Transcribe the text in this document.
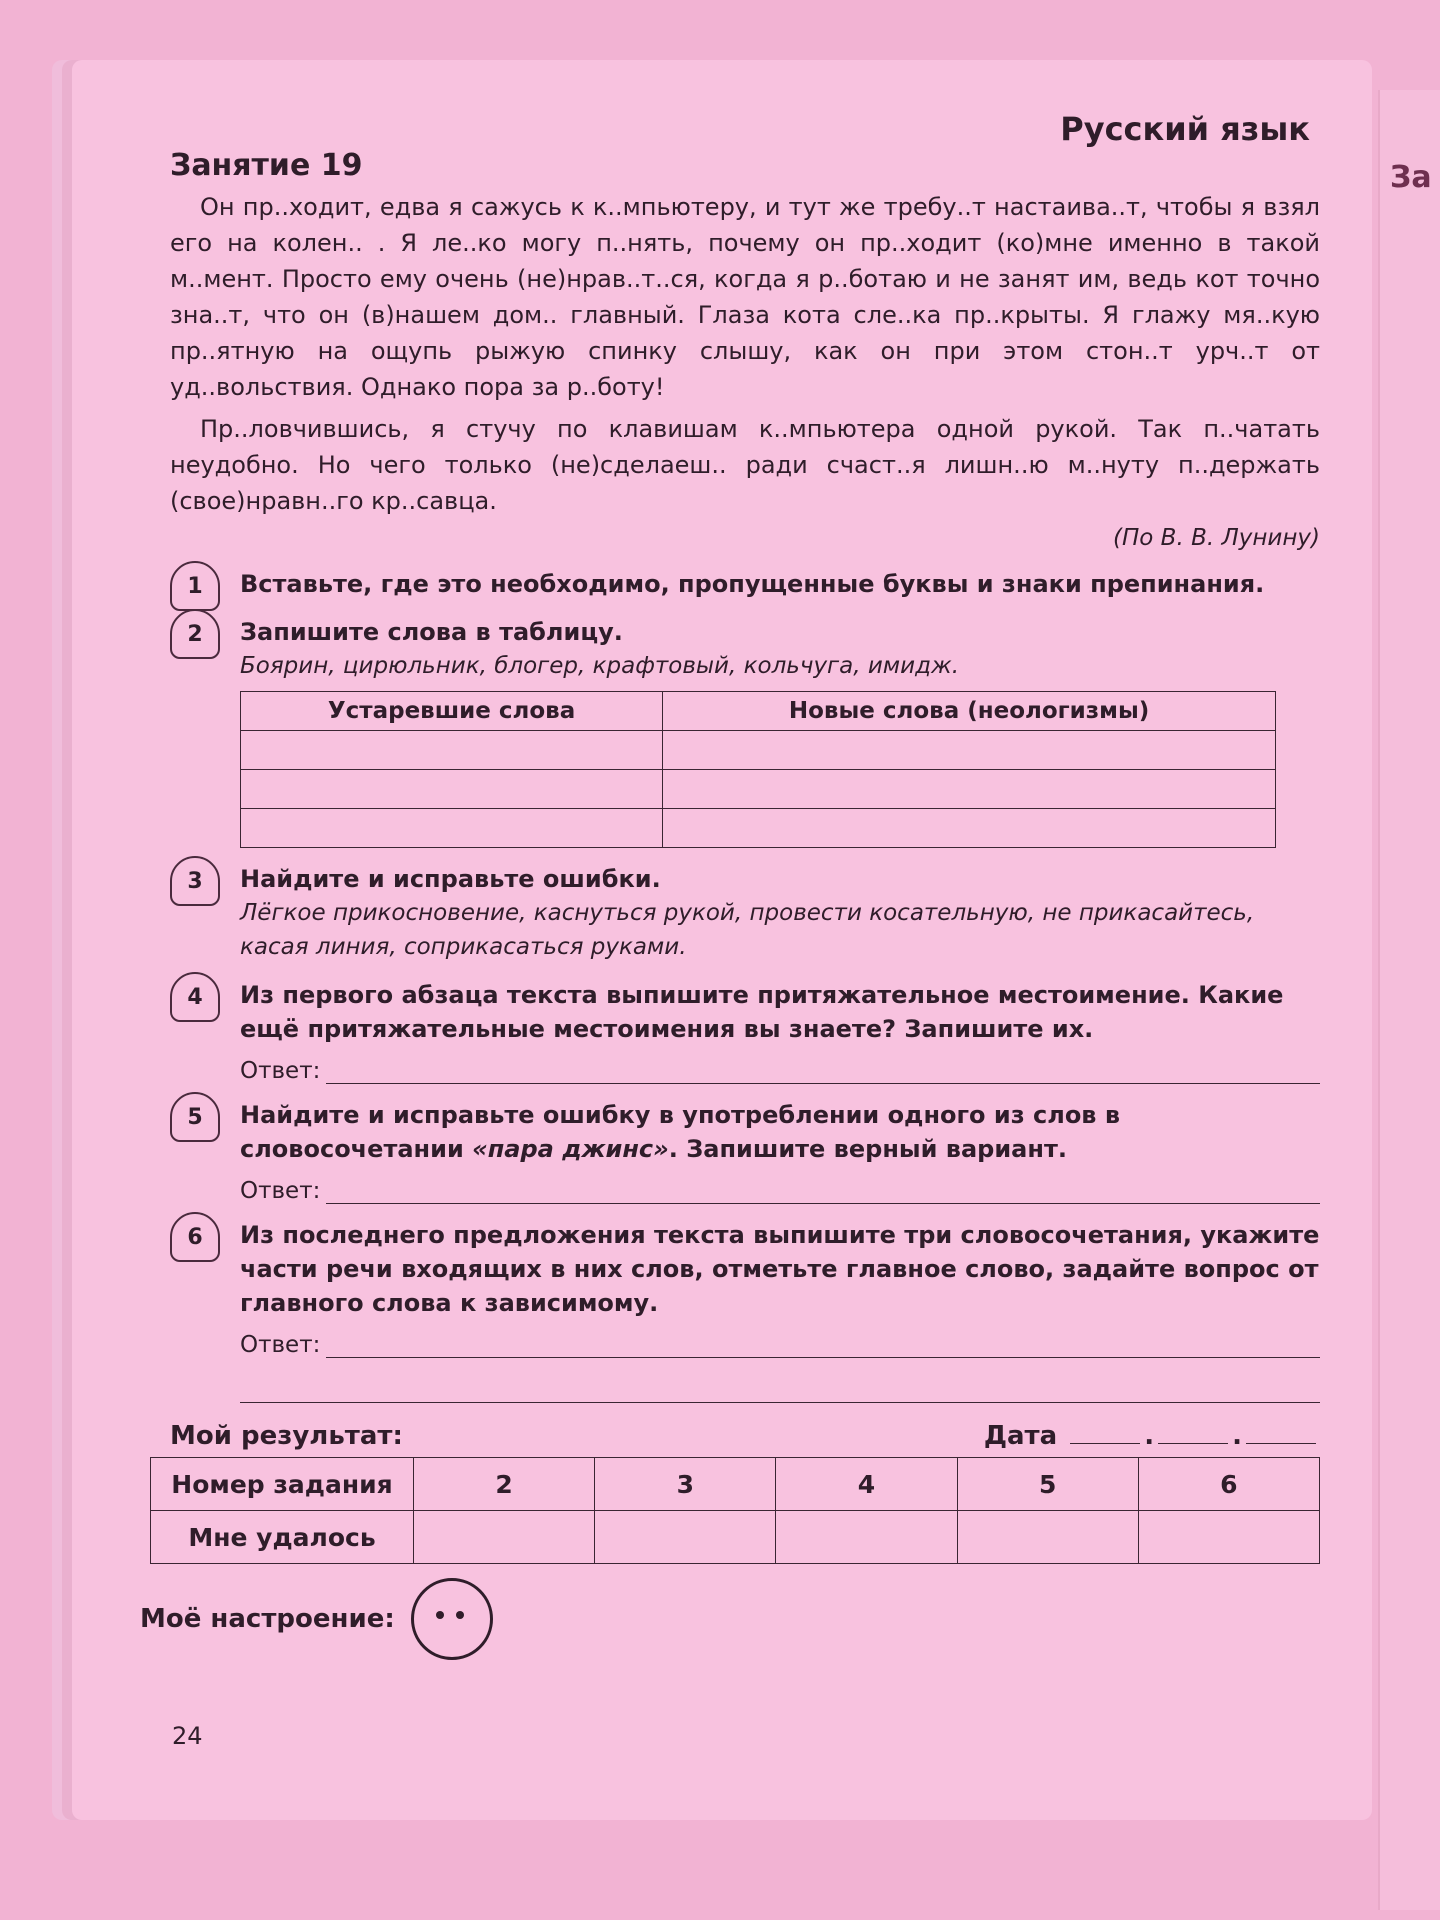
За
Русский язык
Занятие 19

Он пр..ходит, едва я сажусь к к..мпьютеру, и тут же требу..т настаива..т, чтобы я взял его на колен.. . Я ле..ко могу п..нять, почему он пр..ходит (ко)мне именно в такой м..мент. Просто ему очень (не)нрав..т..ся, когда я р..ботаю и не занят им, ведь кот точно зна..т, что он (в)нашем дом.. главный. Глаза кота сле..ка пр..крыты. Я глажу мя..кую пр..ятную на ощупь рыжую спинку слышу, как он при этом стон..т урч..т от уд..вольствия. Однако пора за р..боту!

Пр..ловчившись, я стучу по клавишам к..мпьютера одной рукой. Так п..чатать неудобно. Но чего только (не)сделаеш.. ради счаст..я лишн..ю м..нуту п..держать (свое)нравн..го кр..савца.

(По В. В. Лунину)
1	Вставьте, где это необходимо, пропущенные буквы и знаки препинания.
2	Запишите слова в таблицу.
Боярин, цирюльник, блогер, крафтовый, кольчуга, имидж.
Устаревшие слова	Новые слова (неологизмы)

3	Найдите и исправьте ошибки.
Лёгкое прикосновение, каснуться рукой, провести косательную, не прикасайтесь, касая линия, соприкасаться руками.
4	Из первого абзаца текста выпишите притяжательное местоимение. Какие ещё притяжательные местоимения вы знаете? Запишите их.
Ответ:
5	Найдите и исправьте ошибку в употреблении одного из слов в словосочетании «пара джинс». Запишите верный вариант.
Ответ:
6	Из последнего предложения текста выпишите три словосочетания, укажите части речи входящих в них слов, отметьте главное слово, задайте вопрос от главного слова к зависимому.
Ответ:
Мой результат:	Дата	.	.
Номер задания	2	3	4	5	6
Мне удалось					
Моё настроение:
24
